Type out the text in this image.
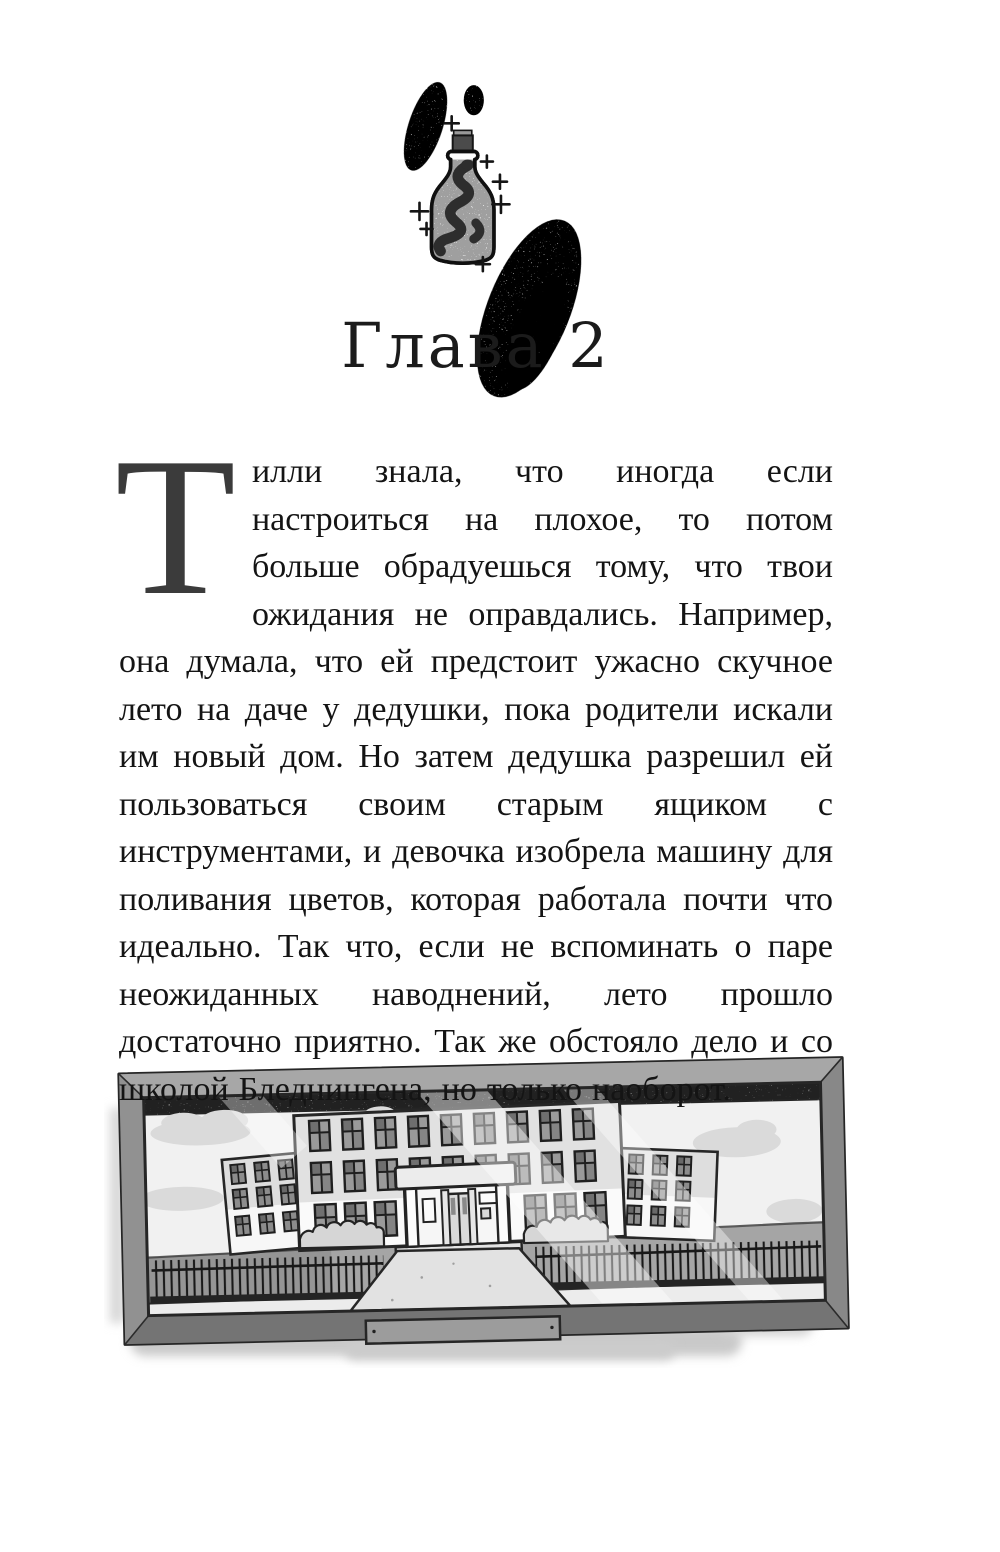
Глава 2

Тилли знала, что иногда если настроиться на плохое, то потом больше обрадуешься тому, что твои ожидания не оправдались. Например, она думала, что ей предстоит ужасно скучное лето на даче у дедушки, пока родители искали им новый дом. Но затем дедушка разрешил ей пользоваться своим старым ящиком с инструментами, и девочка изобрела машину для поливания цветов, которая работала почти что идеально. Так что, если не вспоминать о паре неожиданных наводнений, лето прошло достаточно приятно. Так же обстояло дело и со школой Бледнингена, но только наоборот.
